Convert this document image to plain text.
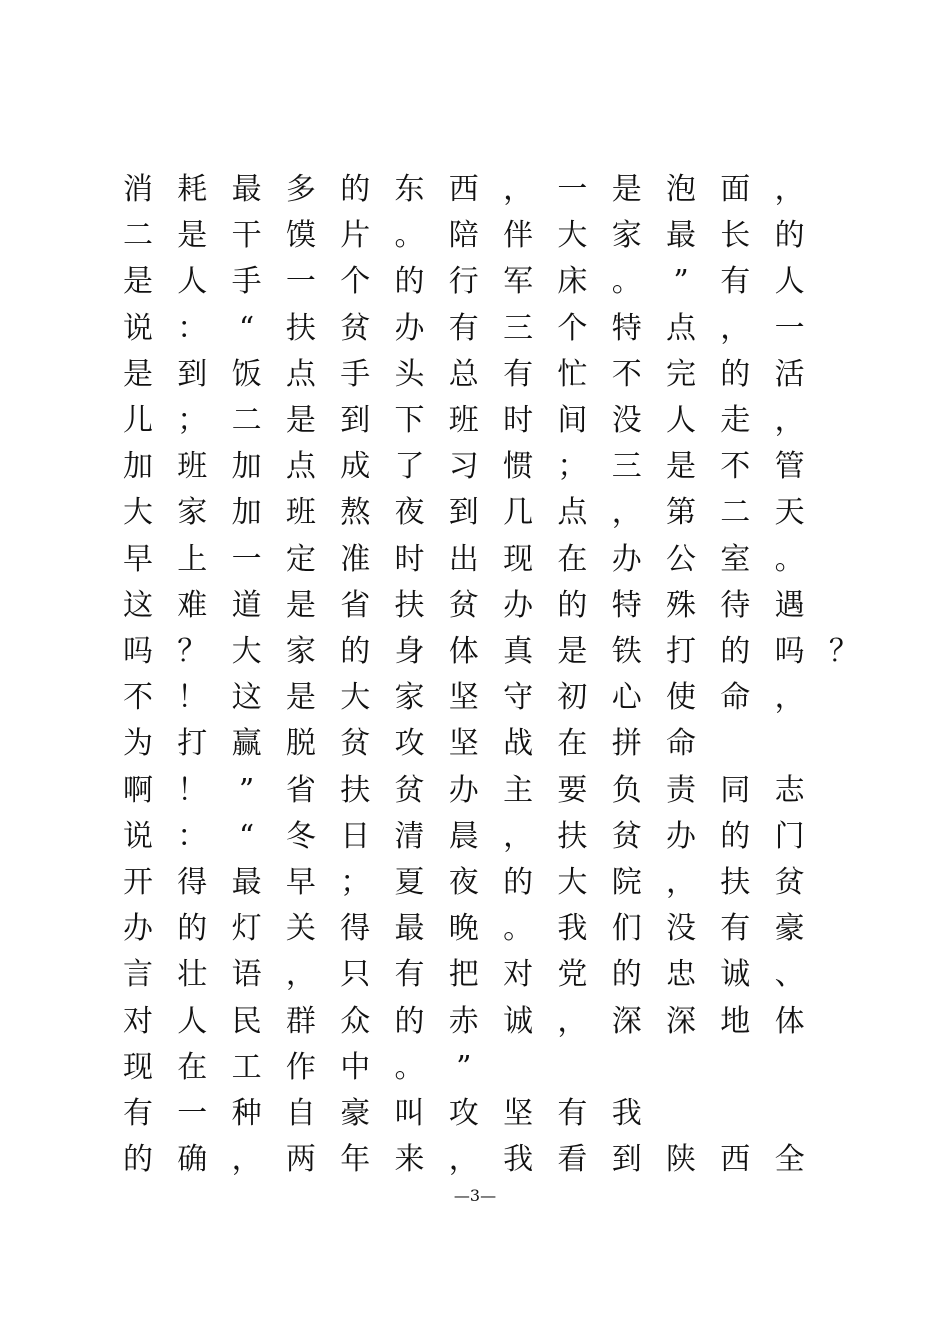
消 耗 最 多 的 东 西 ， 一 是 泡 面 ，
二 是 干 馍 片 。 陪 伴 大 家 最 长 的
是 人 手 一 个 的 行 军 床 。	”	有 人
说 ：	“	扶 贫 办 有 三 个 特 点 ， 一
是 到 饭 点 手 头 总 有 忙 不 完 的 活
儿 ； 二 是 到 下 班 时 间 没 人 走 ，
加 班 加 点 成 了 习 惯 ； 三 是 不 管
大 家 加 班 熬 夜 到 几 点 ， 第 二 天
早 上 一 定 准 时 出 现 在 办 公 室 。
这 难 道 是 省 扶 贫 办 的 特 殊 待 遇
吗 ？ 大 家 的 身 体 真 是 铁 打 的 吗 ？
不 ！ 这 是 大 家 坚 守 初 心 使 命 ，
为 打 赢 脱 贫 攻 坚 战 在 拼 命
啊 ！	”	省 扶 贫 办 主 要 负 责 同 志
说 ：	“	冬 日 清 晨 ， 扶 贫 办 的 门
开 得 最 早 ； 夏 夜 的 大 院 ， 扶 贫
办 的 灯 关 得 最 晚 。 我 们 没 有 豪
言 壮 语 ， 只 有 把 对 党 的 忠 诚 、
对 人 民 群 众 的 赤 诚 ， 深 深 地 体
现 在 工 作 中 。	”
有 一 种 自 豪 叫 攻 坚 有 我
的 确 ， 两 年 来 ， 我 看 到 陕 西 全
—3—
